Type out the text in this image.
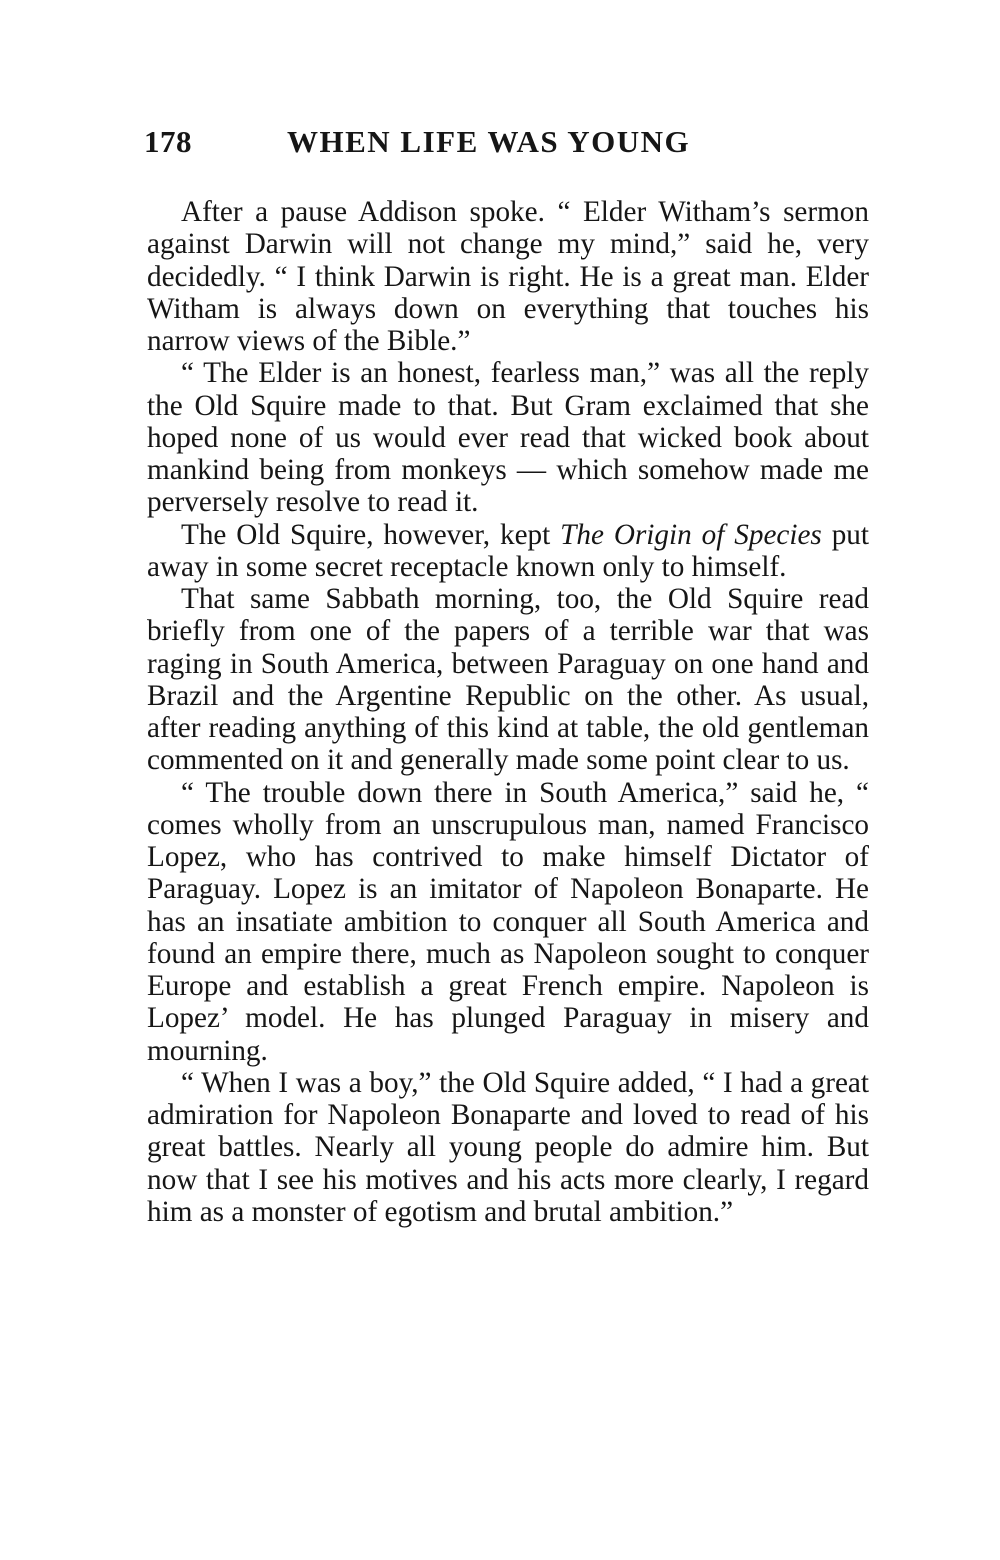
178	WHEN LIFE WAS YOUNG

After a pause Addison spoke. “ Elder Witham’s sermon against Darwin will not change my mind,” said he, very decidedly. “ I think Darwin is right. He is a great man. Elder Witham is always down on everything that touches his narrow views of the Bible.”

“ The Elder is an honest, fearless man,” was all the reply the Old Squire made to that. But Gram exclaimed that she hoped none of us would ever read that wicked book about mankind being from monkeys — which somehow made me perversely resolve to read it.

The Old Squire, however, kept The Origin of Species put away in some secret receptacle known only to himself.

That same Sabbath morning, too, the Old Squire read briefly from one of the papers of a terrible war that was raging in South America, between Paraguay on one hand and Brazil and the Argentine Republic on the other. As usual, after reading anything of this kind at table, the old gentleman commented on it and generally made some point clear to us.

“ The trouble down there in South America,” said he, “ comes wholly from an unscrupulous man, named Francisco Lopez, who has contrived to make himself Dictator of Paraguay. Lopez is an imitator of Napoleon Bonaparte. He has an insatiate ambition to conquer all South America and found an empire there, much as Napoleon sought to conquer Europe and establish a great French empire. Napoleon is Lopez’ model. He has plunged Paraguay in misery and mourning.

“ When I was a boy,” the Old Squire added, “ I had a great admiration for Napoleon Bonaparte and loved to read of his great battles. Nearly all young people do admire him. But now that I see his motives and his acts more clearly, I regard him as a monster of egotism and brutal ambition.”
